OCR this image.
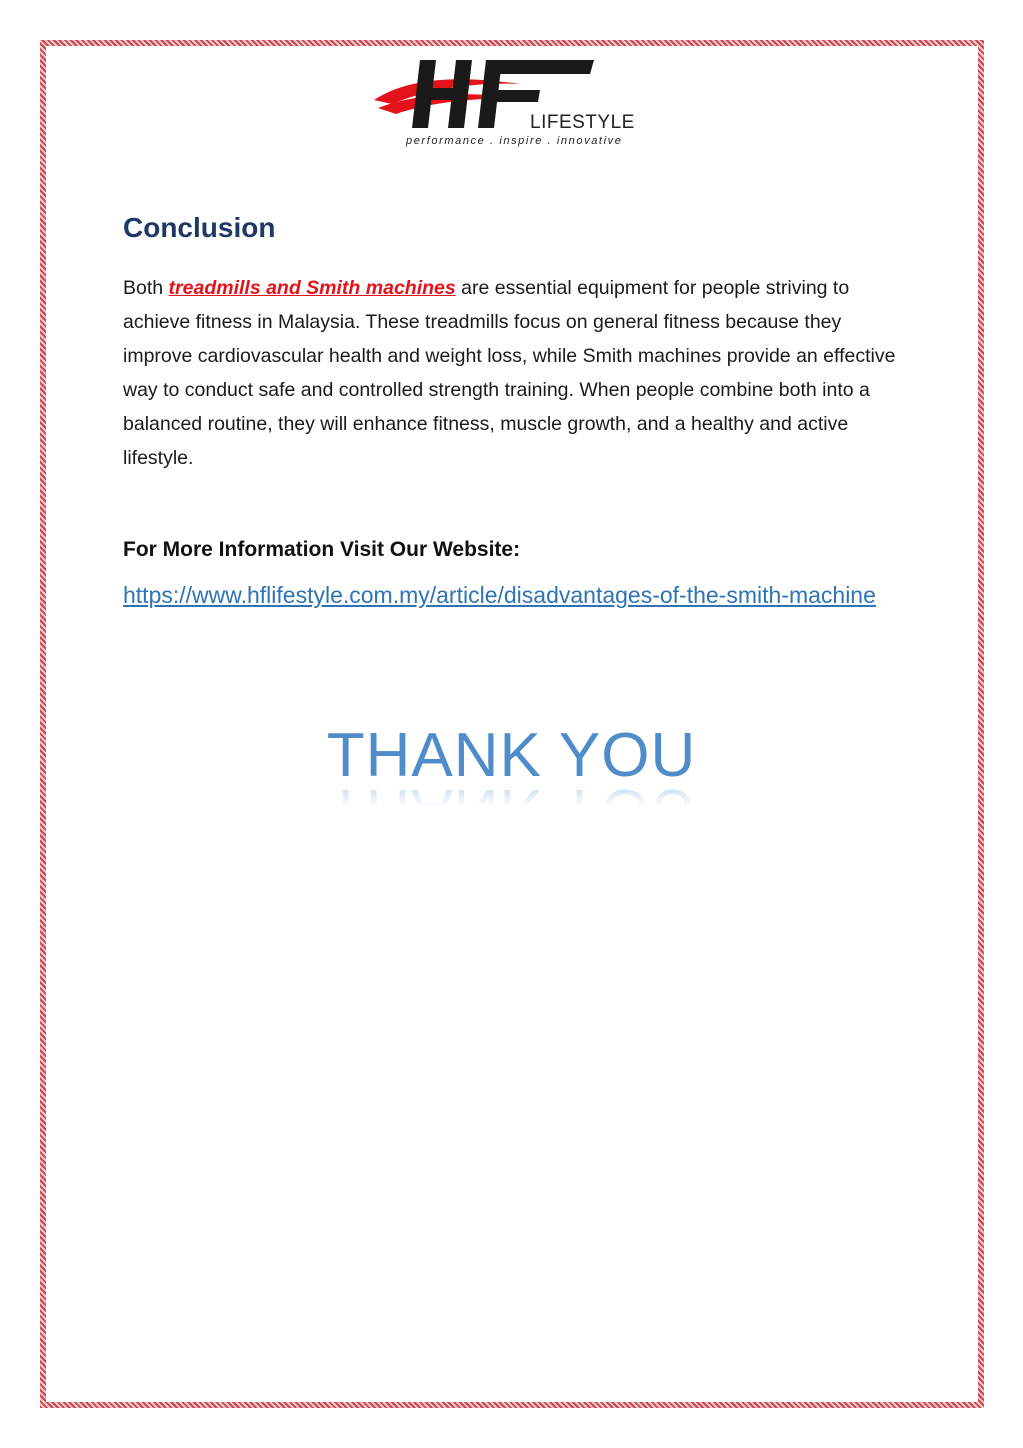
LIFESTYLE
performance . inspire . innovative
Conclusion

Both treadmills and Smith machines are essential equipment for people striving to achieve fitness in Malaysia. These treadmills focus on general fitness because they improve cardiovascular health and weight loss, while Smith machines provide an effective way to conduct safe and controlled strength training. When people combine both into a balanced routine, they will enhance fitness, muscle growth, and a healthy and active lifestyle.

For More Information Visit Our Website:
https://www.hflifestyle.com.my/article/disadvantages-of-the-smith-machine
THANK YOU
